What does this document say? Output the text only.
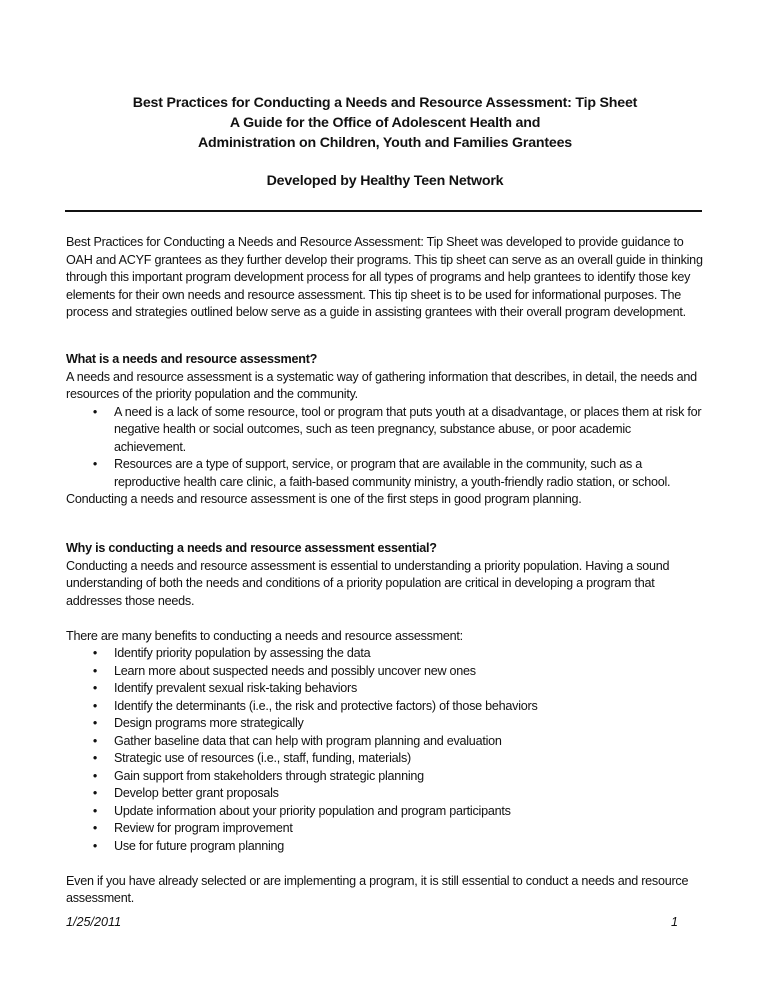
Best Practices for Conducting a Needs and Resource Assessment: Tip Sheet
A Guide for the Office of Adolescent Health and
Administration on Children, Youth and Families Grantees
Developed by Healthy Teen Network

Best Practices for Conducting a Needs and Resource Assessment: Tip Sheet was developed to provide guidance to OAH and ACYF grantees as they further develop their programs. This tip sheet can serve as an overall guide in thinking through this important program development process for all types of programs and help grantees to identify those key elements for their own needs and resource assessment. This tip sheet is to be used for informational purposes. The process and strategies outlined below serve as a guide in assisting grantees with their overall program development.

What is a needs and resource assessment?

A needs and resource assessment is a systematic way of gathering information that describes, in detail, the needs and resources of the priority population and the community.

• A need is a lack of some resource, tool or program that puts youth at a disadvantage, or places them at risk for negative health or social outcomes, such as teen pregnancy, substance abuse, or poor academic achievement.
• Resources are a type of support, service, or program that are available in the community, such as a reproductive health care clinic, a faith-based community ministry, a youth-friendly radio station, or school.

Conducting a needs and resource assessment is one of the first steps in good program planning.

Why is conducting a needs and resource assessment essential?

Conducting a needs and resource assessment is essential to understanding a priority population. Having a sound understanding of both the needs and conditions of a priority population are critical in developing a program that addresses those needs.

There are many benefits to conducting a needs and resource assessment:

• Identify priority population by assessing the data
• Learn more about suspected needs and possibly uncover new ones
• Identify prevalent sexual risk-taking behaviors
• Identify the determinants (i.e., the risk and protective factors) of those behaviors
• Design programs more strategically
• Gather baseline data that can help with program planning and evaluation
• Strategic use of resources (i.e., staff, funding, materials)
• Gain support from stakeholders through strategic planning
• Develop better grant proposals
• Update information about your priority population and program participants
• Review for program improvement
• Use for future program planning

Even if you have already selected or are implementing a program, it is still essential to conduct a needs and resource assessment.

1/25/2011	1
